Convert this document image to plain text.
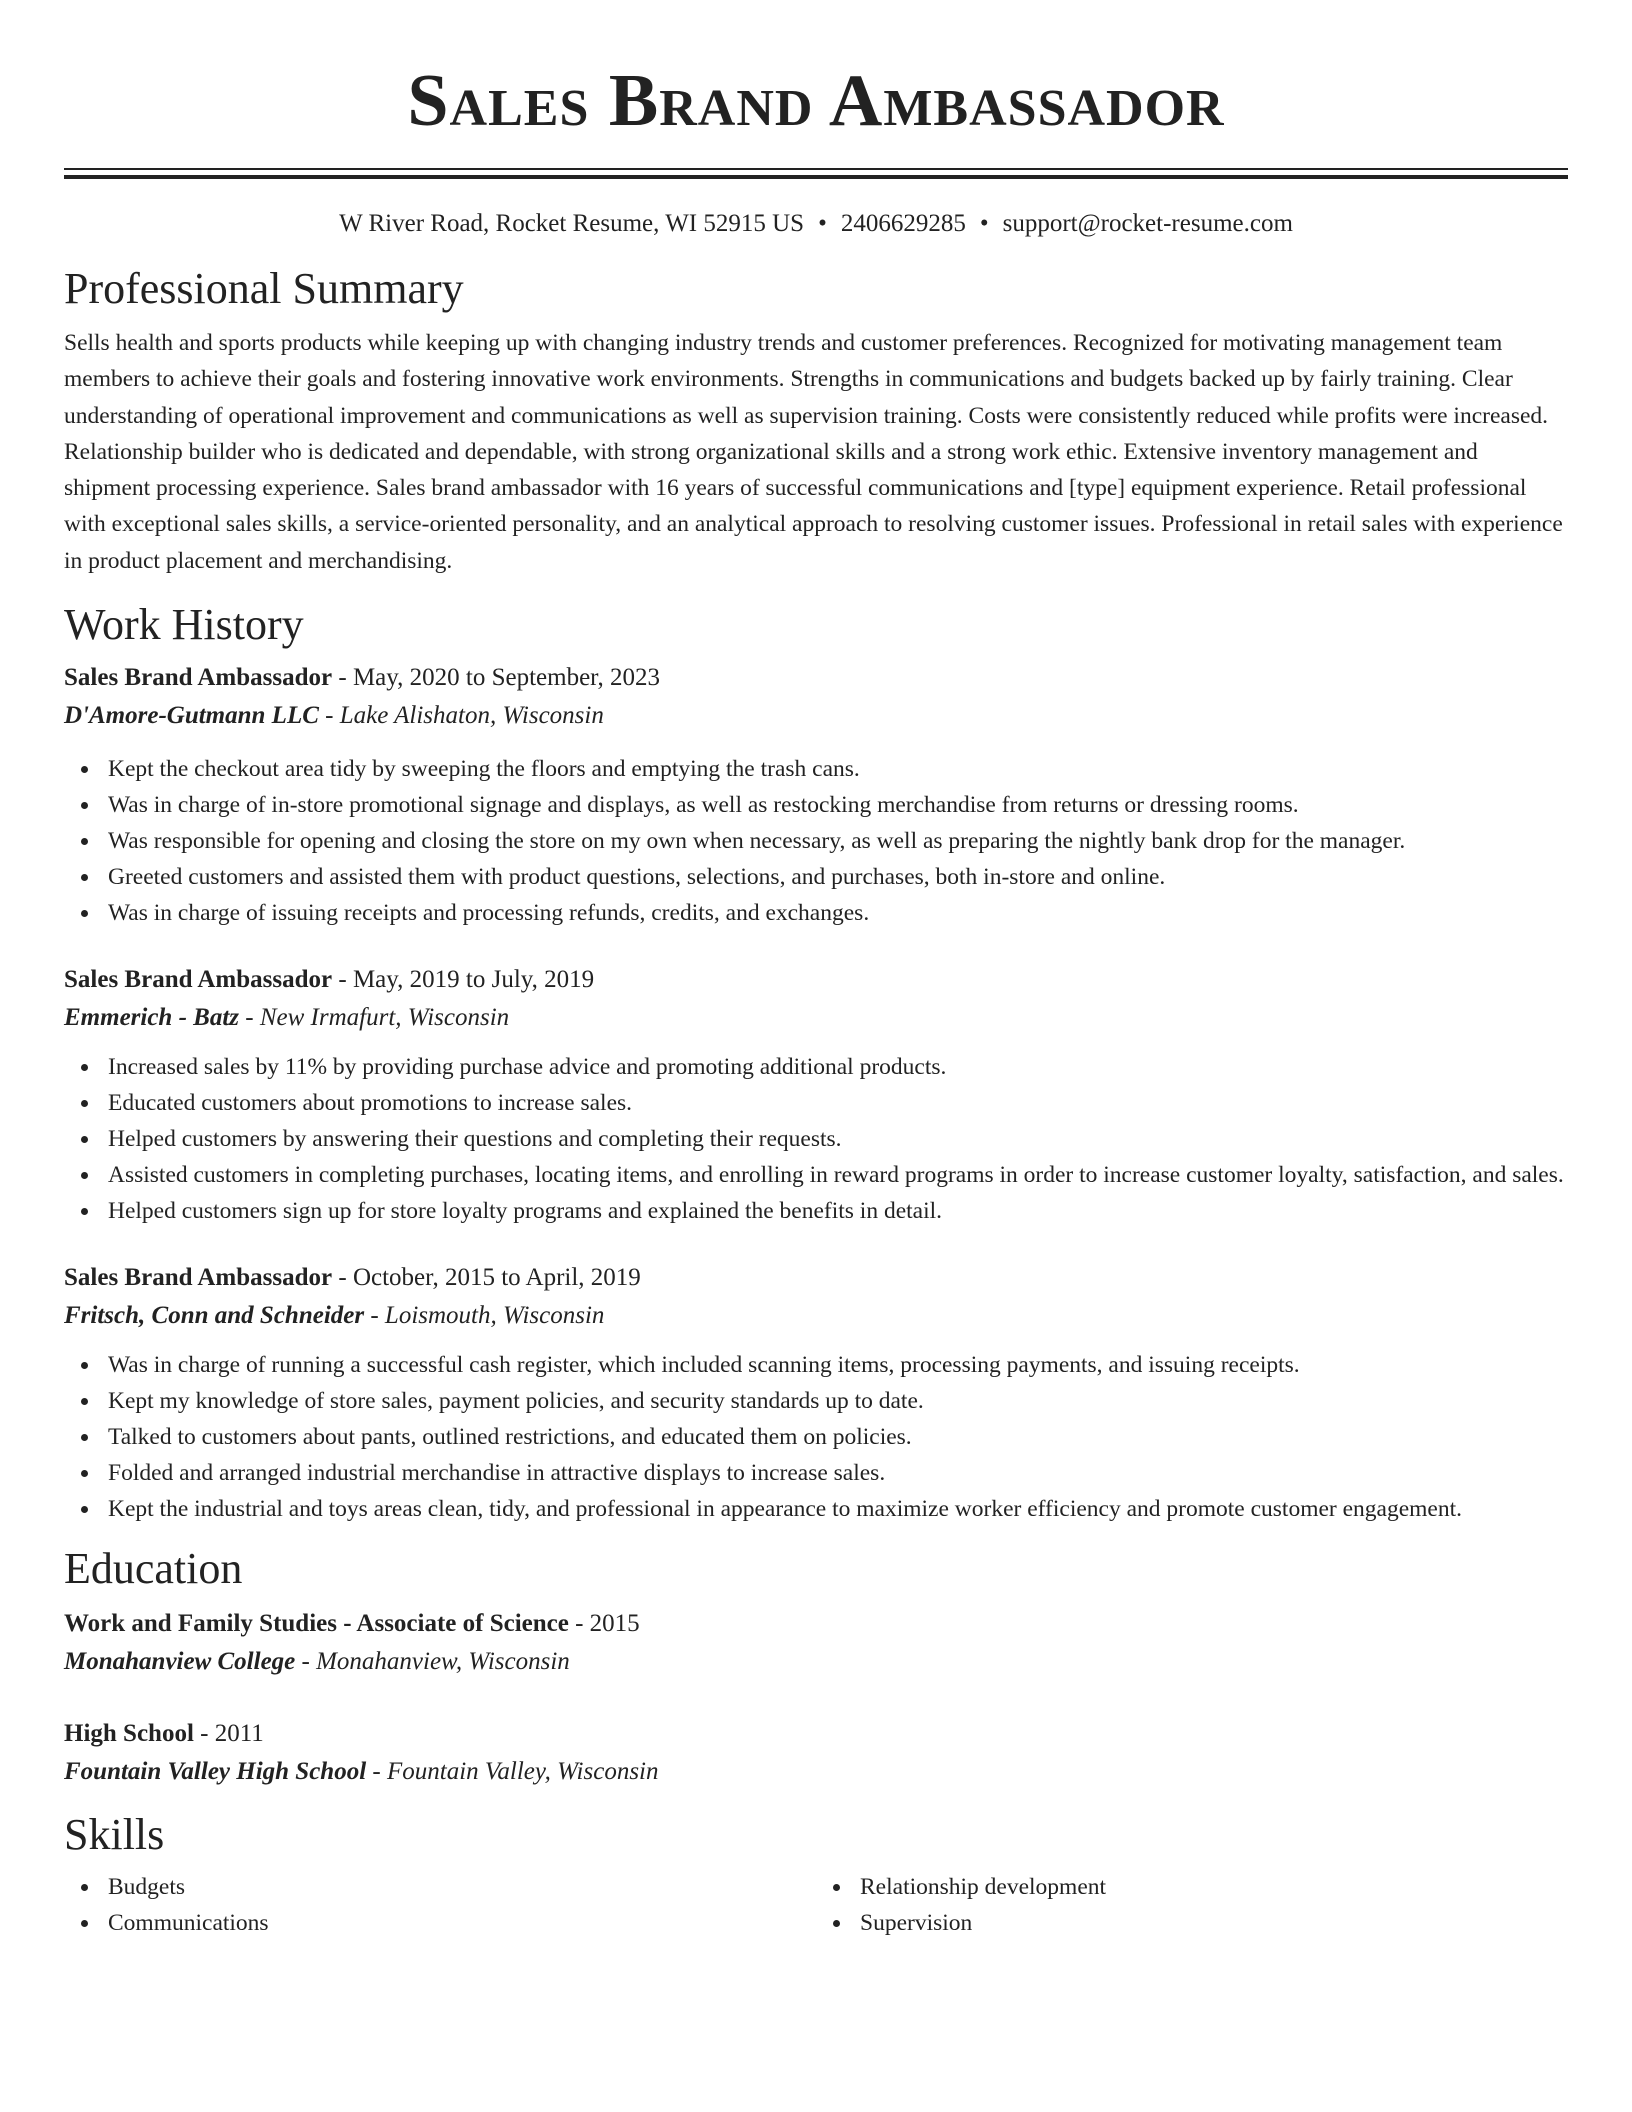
Sales Brand Ambassador
W River Road, Rocket Resume, WI 52915 US • 2406629285 • support@rocket-resume.com
Professional Summary

Sells health and sports products while keeping up with changing industry trends and customer preferences. Recognized for motivating management team members to achieve their goals and fostering innovative work environments. Strengths in communications and budgets backed up by fairly training. Clear understanding of operational improvement and communications as well as supervision training. Costs were consistently reduced while profits were increased. Relationship builder who is dedicated and dependable, with strong organizational skills and a strong work ethic. Extensive inventory management and shipment processing experience. Sales brand ambassador with 16 years of successful communications and [type] equipment experience. Retail professional with exceptional sales skills, a service-oriented personality, and an analytical approach to resolving customer issues. Professional in retail sales with experience in product placement and merchandising.

Work History
Sales Brand Ambassador - May, 2020 to September, 2023
D'Amore-Gutmann LLC - Lake Alishaton, Wisconsin
Kept the checkout area tidy by sweeping the floors and emptying the trash cans.
Was in charge of in-store promotional signage and displays, as well as restocking merchandise from returns or dressing rooms.
Was responsible for opening and closing the store on my own when necessary, as well as preparing the nightly bank drop for the manager.
Greeted customers and assisted them with product questions, selections, and purchases, both in-store and online.
Was in charge of issuing receipts and processing refunds, credits, and exchanges.
Sales Brand Ambassador - May, 2019 to July, 2019
Emmerich - Batz - New Irmafurt, Wisconsin
Increased sales by 11% by providing purchase advice and promoting additional products.
Educated customers about promotions to increase sales.
Helped customers by answering their questions and completing their requests.
Assisted customers in completing purchases, locating items, and enrolling in reward programs in order to increase customer loyalty, satisfaction, and sales.
Helped customers sign up for store loyalty programs and explained the benefits in detail.
Sales Brand Ambassador - October, 2015 to April, 2019
Fritsch, Conn and Schneider - Loismouth, Wisconsin
Was in charge of running a successful cash register, which included scanning items, processing payments, and issuing receipts.
Kept my knowledge of store sales, payment policies, and security standards up to date.
Talked to customers about pants, outlined restrictions, and educated them on policies.
Folded and arranged industrial merchandise in attractive displays to increase sales.
Kept the industrial and toys areas clean, tidy, and professional in appearance to maximize worker efficiency and promote customer engagement.
Education
Work and Family Studies - Associate of Science - 2015
Monahanview College - Monahanview, Wisconsin
High School - 2011
Fountain Valley High School - Fountain Valley, Wisconsin
Skills
Budgets
Communications
Relationship development
Supervision
